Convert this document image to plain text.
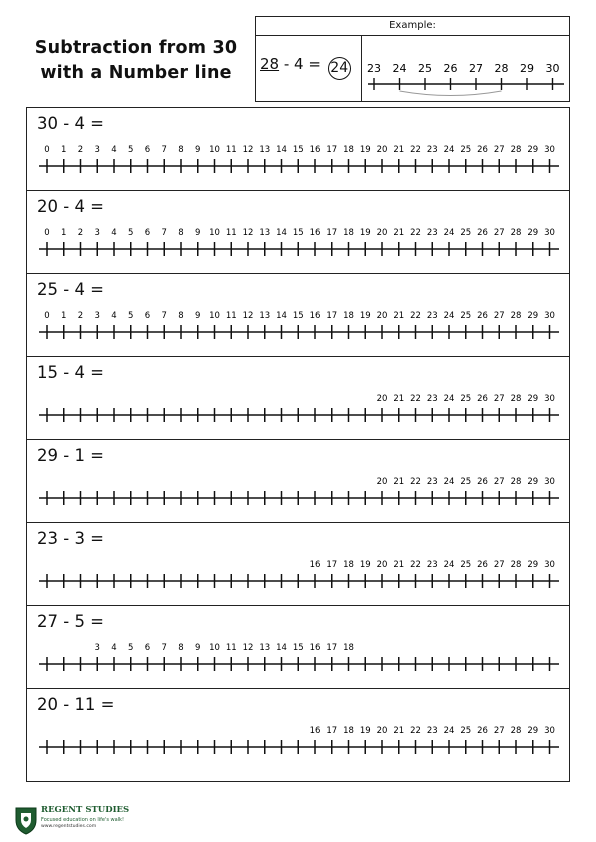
Subtraction from 30
with a Number line
Example:
28 - 4 = 24	23 24 25 26 27 28 29 30
30 - 4 =
0 1 2 3 4 5 6 7 8 9 10 11 12 13 14 15 16 17 18 19 20 21 22 23 24 25 26 27 28 29 30
20 - 4 =
0 1 2 3 4 5 6 7 8 9 10 11 12 13 14 15 16 17 18 19 20 21 22 23 24 25 26 27 28 29 30
25 - 4 =
0 1 2 3 4 5 6 7 8 9 10 11 12 13 14 15 16 17 18 19 20 21 22 23 24 25 26 27 28 29 30
15 - 4 =
20 21 22 23 24 25 26 27 28 29 30
29 - 1 =
20 21 22 23 24 25 26 27 28 29 30
23 - 3 =
16 17 18 19 20 21 22 23 24 25 26 27 28 29 30
27 - 5 =
3 4 5 6 7 8 9 10 11 12 13 14 15 16 17 18
20 - 11 =
16 17 18 19 20 21 22 23 24 25 26 27 28 29 30
REGENT STUDIES
Focused education on life's walk!
www.regentstudies.com
